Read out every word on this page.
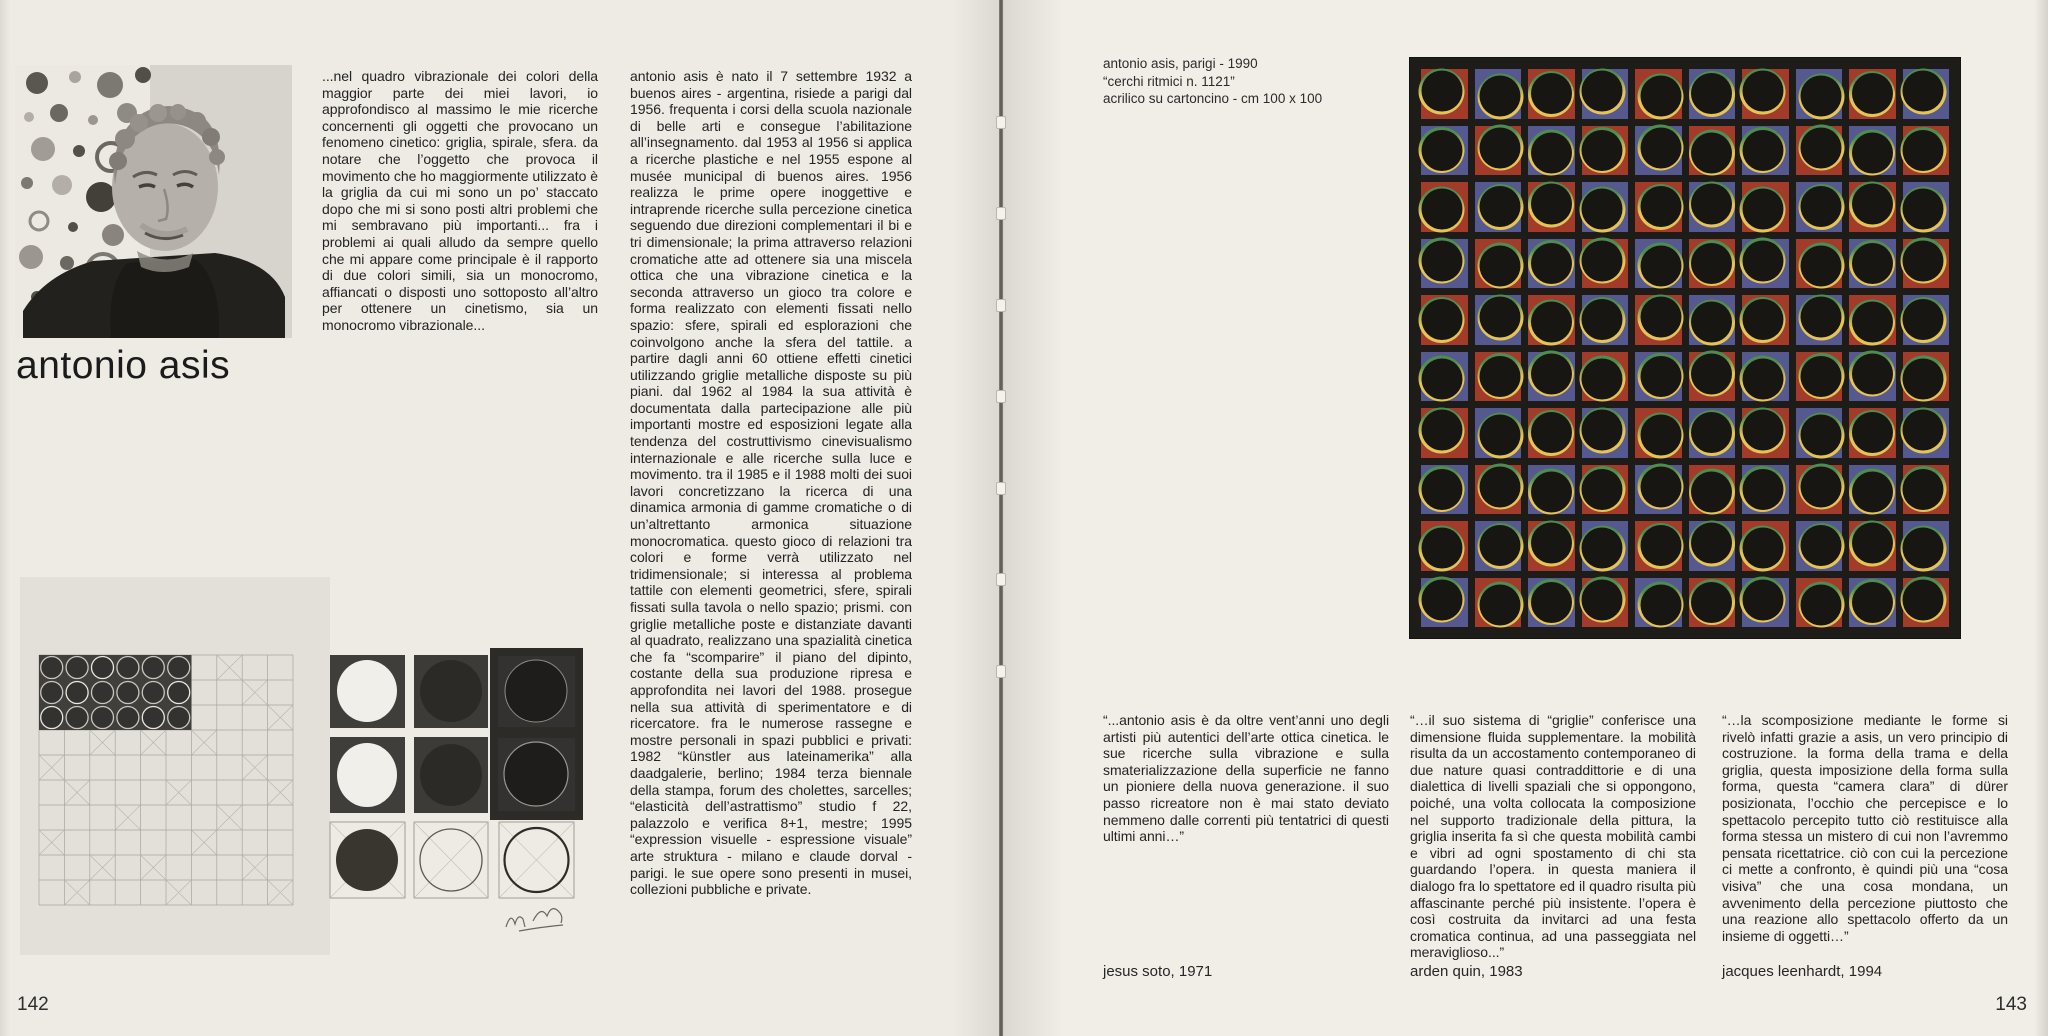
antonio asis
...nel quadro vibrazionale dei colori della maggior parte dei miei lavori, io approfondisco al massimo le mie ricerche concernenti gli oggetti che provocano un fenomeno cinetico: griglia, spirale, sfera. da notare che l’oggetto che provoca il movimento che ho maggiormente utilizzato è la griglia da cui mi sono un po’ staccato dopo che mi si sono posti altri problemi che mi sembravano più importanti... fra i problemi ai quali alludo da sempre quello che mi appare come principale è il rapporto di due colori simili, sia un monocromo, affiancati o disposti uno sottoposto all’altro per ottenere un cinetismo, sia un monocromo vibrazionale...
antonio asis è nato il 7 settembre 1932 a buenos aires - argentina, risiede a parigi dal 1956. frequenta i corsi della scuola nazionale di belle arti e consegue l’abilitazione all’insegnamento. dal 1953 al 1956 si applica a ricerche plastiche e nel 1955 espone al musée municipal di buenos aires. 1956 realizza le prime opere inoggettive e intraprende ricerche sulla percezione cinetica seguendo due direzioni complementari il bi e tri dimensionale; la prima attraverso relazioni cromatiche atte ad ottenere sia una miscela ottica che una vibrazione cinetica e la seconda attraverso un gioco tra colore e forma realizzato con elementi fissati nello spazio: sfere, spirali ed esplorazioni che coinvolgono anche la sfera del tattile. a partire dagli anni 60 ottiene effetti cinetici utilizzando griglie metalliche disposte su più piani. dal 1962 al 1984 la sua attività è documentata dalla partecipazione alle più importanti mostre ed esposizioni legate alla tendenza del costruttivismo cinevisualismo internazionale e alle ricerche sulla luce e movimento. tra il 1985 e il 1988 molti dei suoi lavori concretizzano la ricerca di una dinamica armonia di gamme cromatiche o di un’altrettanto armonica situazione monocromatica. questo gioco di relazioni tra colori e forme verrà utilizzato nel tridimensionale; si interessa al problema tattile con elementi geometrici, sfere, spirali fissati sulla tavola o nello spazio; prismi. con griglie metalliche poste e distanziate davanti al quadrato, realizzano una spazialità cinetica che fa “scomparire” il piano del dipinto, costante della sua produzione ripresa e approfondita nei lavori del 1988. prosegue nella sua attività di sperimentatore e di ricercatore. fra le numerose rassegne e mostre personali in spazi pubblici e privati: 1982 “künstler aus lateinamerika” alla daadgalerie, berlino; 1984 terza biennale della stampa, forum des cholettes, sarcelles; “elasticità dell’astrattismo” studio f 22, palazzolo e verifica 8+1, mestre; 1995 “expression visuelle - espressione visuale” arte struktura - milano e claude dorval - parigi. le sue opere sono presenti in musei, collezioni pubbliche e private.
142
antonio asis, parigi - 1990
“cerchi ritmici n. 1121”
acrilico su cartoncino - cm 100 x 100
“...antonio asis è da oltre vent’anni uno degli artisti più autentici dell’arte ottica cinetica. le sue ricerche sulla vibrazione e sulla smaterializzazione della superficie ne fanno un pioniere della nuova generazione. il suo passo ricreatore non è mai stato deviato nemmeno dalle correnti più tentatrici di questi ultimi anni…”
“…il suo sistema di “griglie” conferisce una dimensione fluida supplementare. la mobilità risulta da un accostamento contemporaneo di due nature quasi contraddittorie e di una dialettica di livelli spaziali che si oppongono, poiché, una volta collocata la composizione nel supporto tradizionale della pittura, la griglia inserita fa sì che questa mobilità cambi e vibri ad ogni spostamento di chi sta guardando l’opera. in questa maniera il dialogo fra lo spettatore ed il quadro risulta più affascinante perché più insistente. l’opera è così costruita da invitarci ad una festa cromatica continua, ad una passeggiata nel meraviglioso...”
“…la scomposizione mediante le forme si rivelò infatti grazie a asis, un vero principio di costruzione. la forma della trama e della griglia, questa imposizione della forma sulla forma, questa “camera clara” di dürer posizionata, l’occhio che percepisce e lo spettacolo percepito tutto ciò restituisce alla forma stessa un mistero di cui non l’avremmo pensata ricettatrice. ciò con cui la percezione ci mette a confronto, è quindi più una “cosa visiva” che una cosa mondana, un avvenimento della percezione piuttosto che una reazione allo spettacolo offerto da un insieme di oggetti…”
jesus soto, 1971	arden quin, 1983	jacques leenhardt, 1994
143
